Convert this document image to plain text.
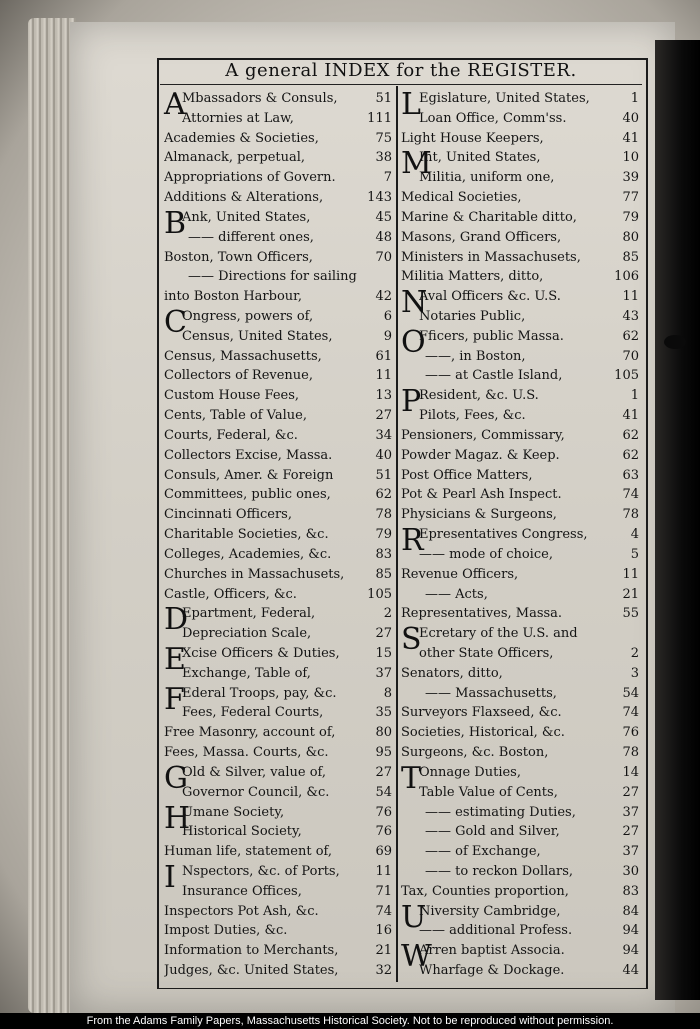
A general INDEX for the REGISTER.
Mbassadors & Consuls,	51
Attornies at Law,	111
Academies & Societies,	75
Almanack, perpetual,	38
Appropriations of Govern.	7
Additions & Alterations,	143
Ank, United States,	45
—— different ones,	48
Boston, Town Officers,	70
—— Directions for sailing
into Boston Harbour,	42
Ongress, powers of,	6
Census, United States,	9
Census, Massachusetts,	61
Collectors of Revenue,	11
Custom House Fees,	13
Cents, Table of Value,	27
Courts, Federal, &c.	34
Collectors Excise, Massa.	40
Consuls, Amer. & Foreign	51
Committees, public ones,	62
Cincinnati Officers,	78
Charitable Societies, &c.	79
Colleges, Academies, &c.	83
Churches in Massachusets,	85
Castle, Officers, &c.	105
Epartment, Federal,	2
Depreciation Scale,	27
Xcise Officers & Duties,	15
Exchange, Table of,	37
Ederal Troops, pay, &c.	8
Fees, Federal Courts,	35
Free Masonry, account of,	80
Fees, Massa. Courts, &c.	95
Old & Silver, value of,	27
Governor Council, &c.	54
Umane Society,	76
Historical Society,	76
Human life, statement of,	69
Nspectors, &c. of Ports,	11
Insurance Offices,	71
Inspectors Pot Ash, &c.	74
Impost Duties, &c.	16
Information to Merchants,	21
Judges, &c. United States,	32
A
B
C
D
E
F
G
H
I
Egislature, United States,	1
Loan Office, Comm'ss.	40
Light House Keepers,	41
Int, United States,	10
Militia, uniform one,	39
Medical Societies,	77
Marine & Charitable ditto,	79
Masons, Grand Officers,	80
Ministers in Massachusets,	85
Militia Matters, ditto,	106
Aval Officers &c. U.S.	11
Notaries Public,	43
Fficers, public Massa.	62
——, in Boston,	70
—— at Castle Island,	105
Resident, &c. U.S.	1
Pilots, Fees, &c.	41
Pensioners, Commissary,	62
Powder Magaz. & Keep.	62
Post Office Matters,	63
Pot & Pearl Ash Inspect.	74
Physicians & Surgeons,	78
Epresentatives Congress,	4
—— mode of choice,	5
Revenue Officers,	11
—— Acts,	21
Representatives, Massa.	55
Ecretary of the U.S. and
other State Officers,	2
Senators, ditto,	3
—— Massachusetts,	54
Surveyors Flaxseed, &c.	74
Societies, Historical, &c.	76
Surgeons, &c. Boston,	78
Onnage Duties,	14
Table Value of Cents,	27
—— estimating Duties,	37
—— Gold and Silver,	27
—— of Exchange,	37
—— to reckon Dollars,	30
Tax, Counties proportion,	83
Niversity Cambridge,	84
—— additional Profess.	94
Arren baptist Associa.	94
Wharfage & Dockage.	44
L
M
N
O
P
R
S
T
U
W
From the Adams Family Papers, Massachusetts Historical Society. Not to be reproduced without permission.
